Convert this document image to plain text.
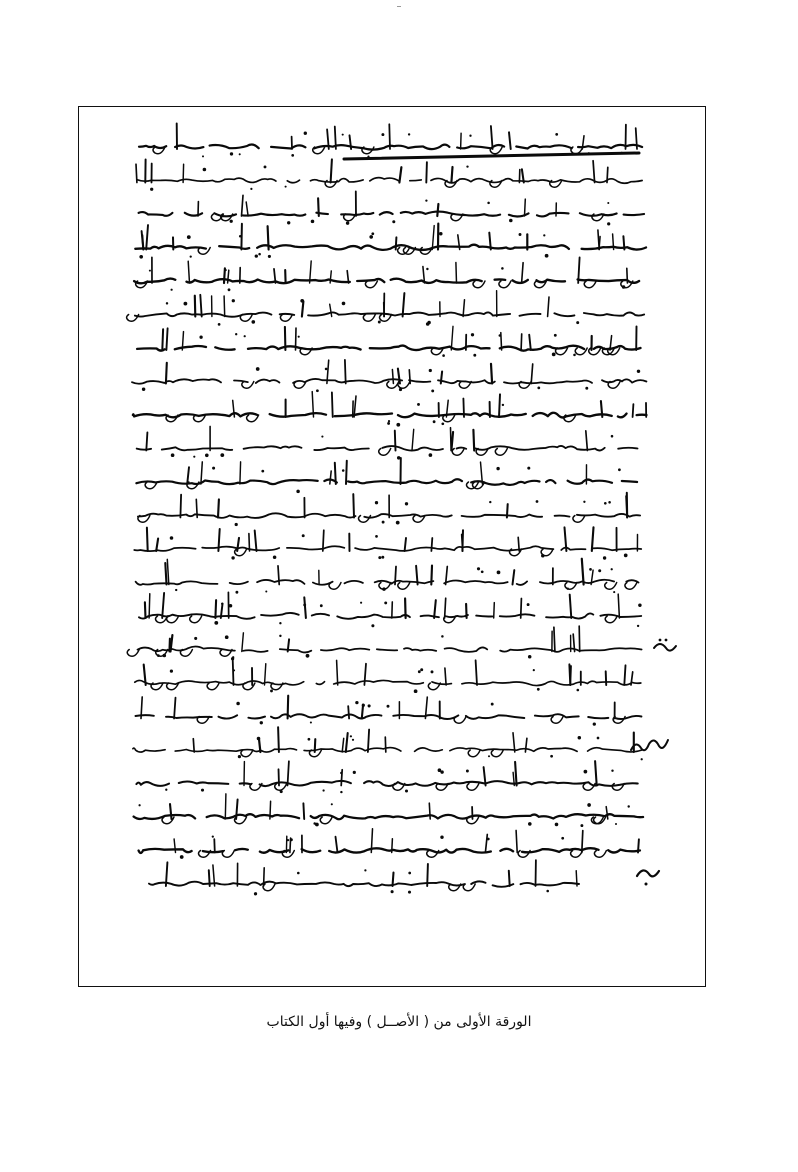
الورقة الأولى من ( الأصــل ) وفيها أول الكتاب
